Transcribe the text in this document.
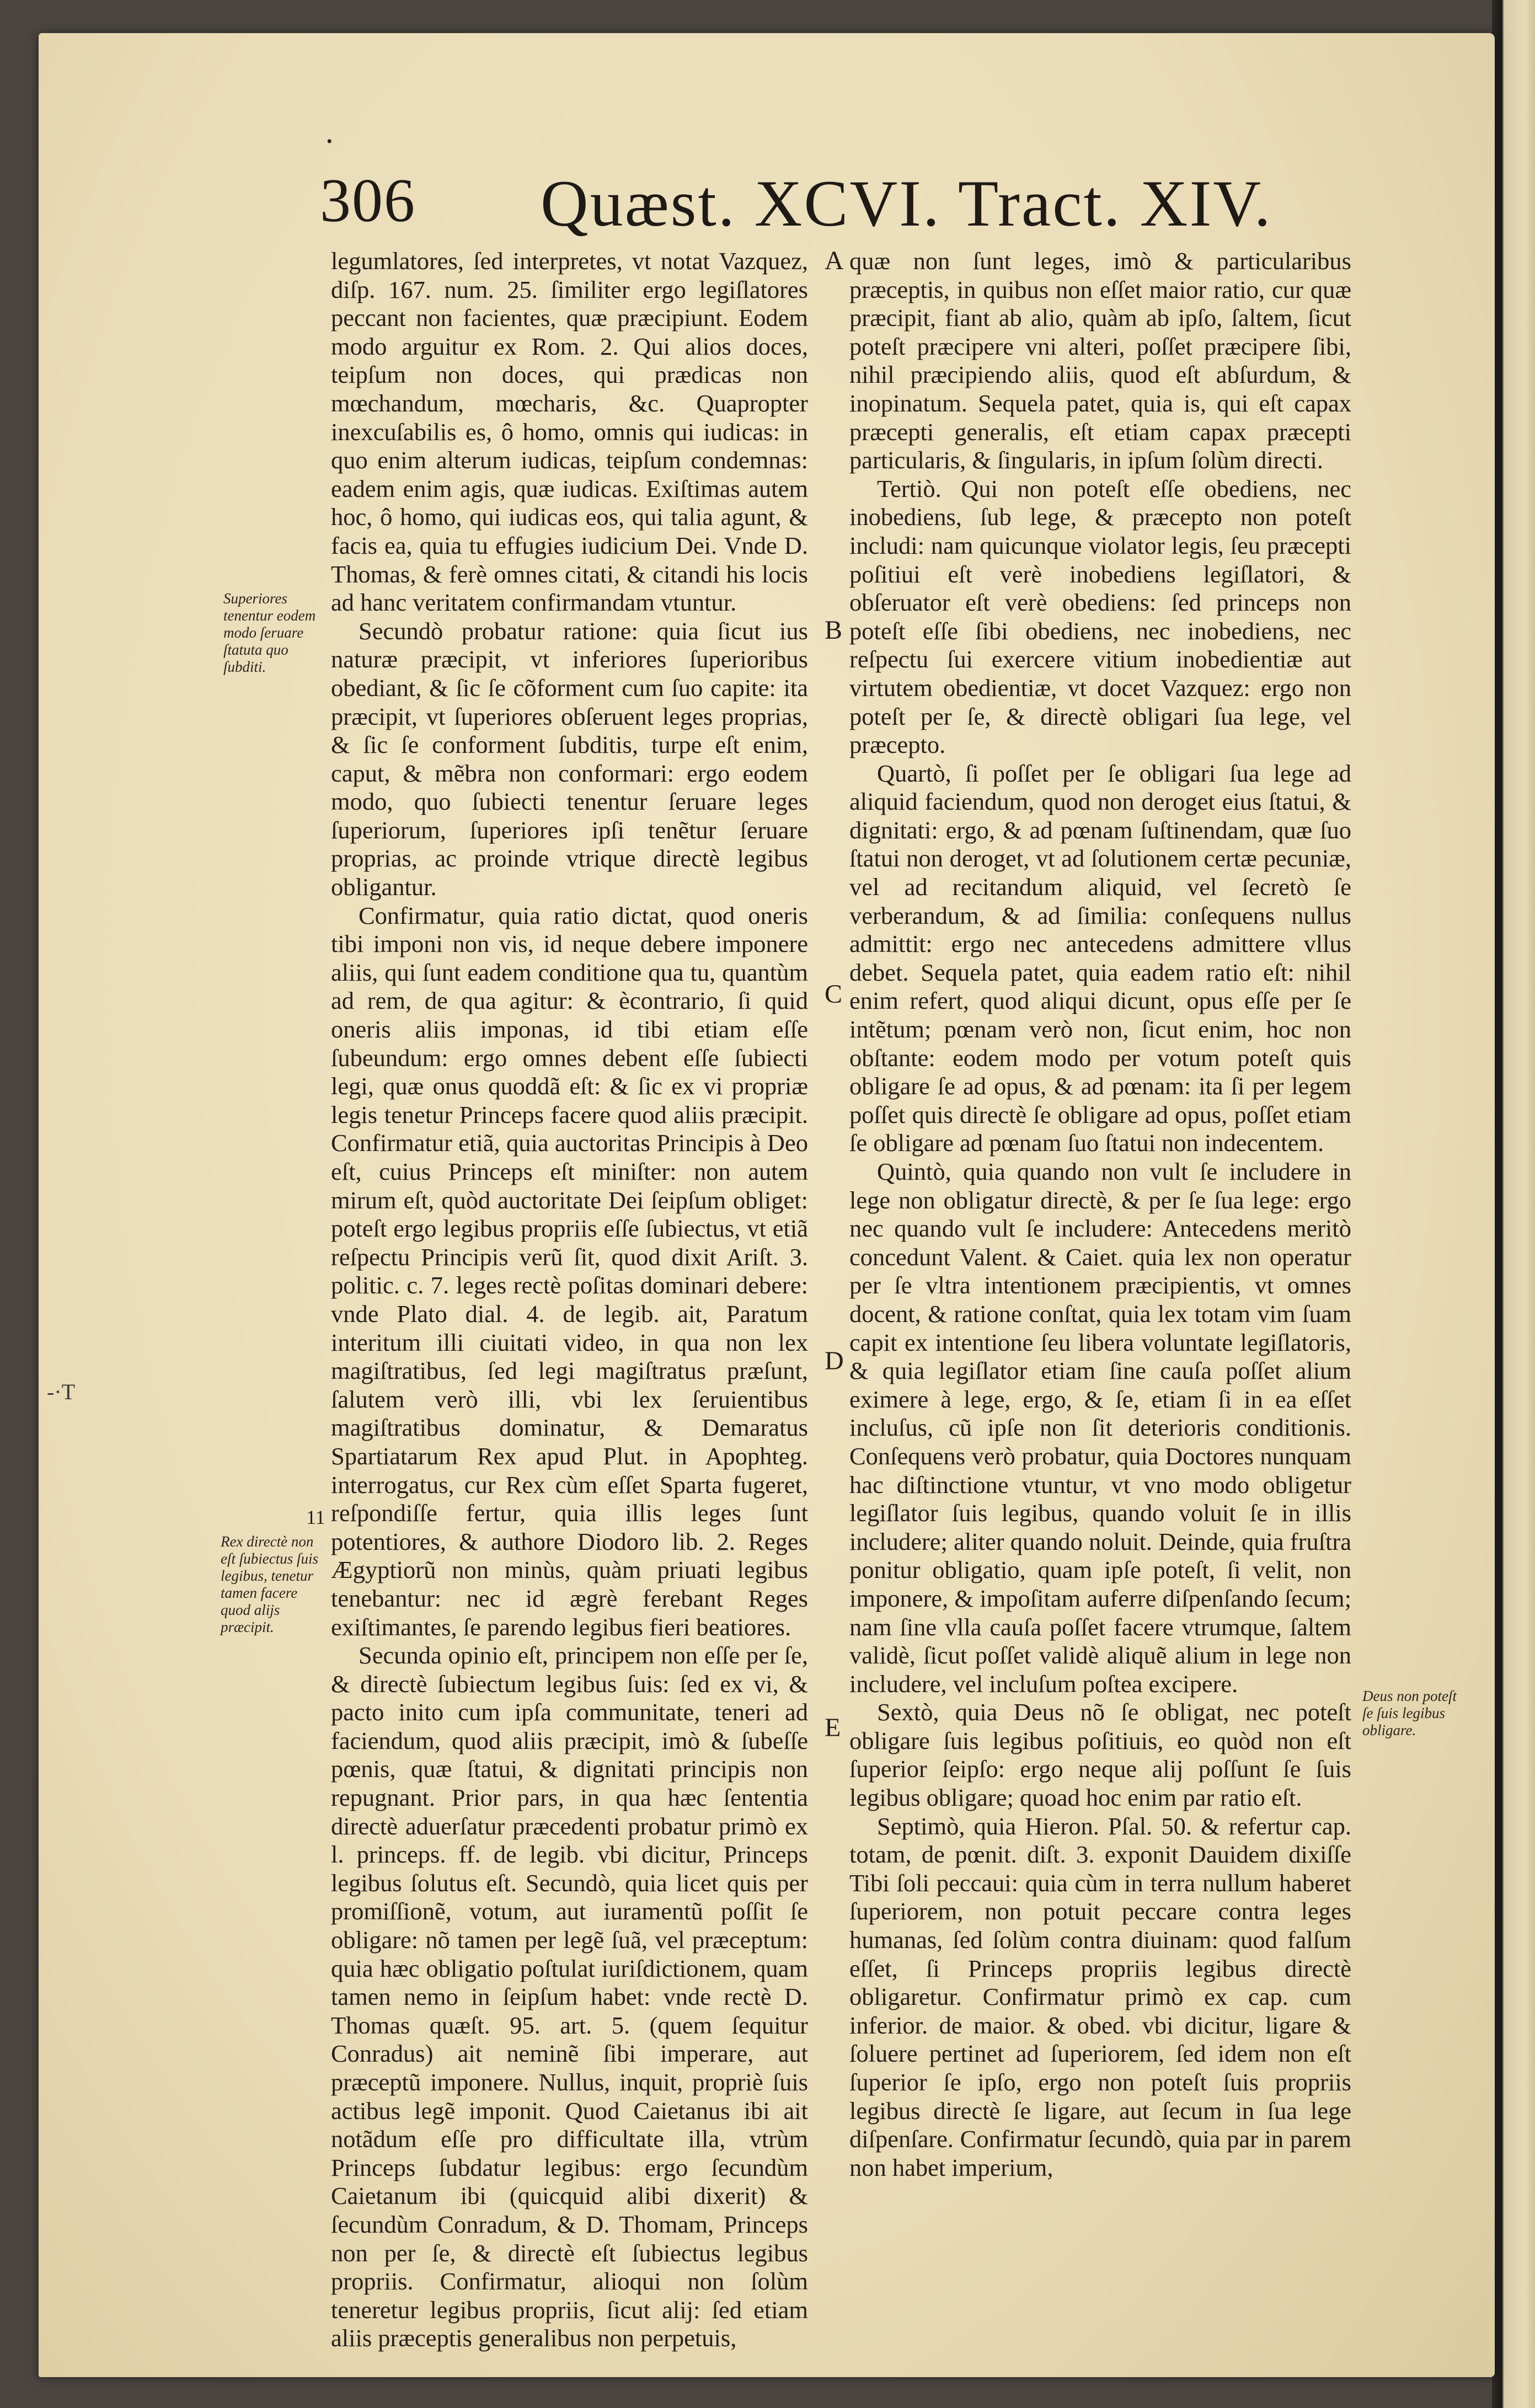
•
306 Quæst. XCVI. Tract. XIV.

legumlatores, ſed interpretes, vt notat Vazquez, diſp. 167. num. 25. ſimiliter ergo legiſlatores peccant non facientes, quæ præcipiunt. Eodem modo arguitur ex Rom. 2. Qui alios doces, teipſum non doces, qui prædicas non mœchandum, mœcharis, &c. Quapropter inexcuſabilis es, ô homo, omnis qui iudicas: in quo enim alterum iudicas, teipſum condemnas: eadem enim agis, quæ iudicas. Exiſtimas autem hoc, ô homo, qui iudicas eos, qui talia agunt, & facis ea, quia tu effugies iudicium Dei. Vnde D. Thomas, & ferè omnes citati, & citandi his locis ad hanc veritatem confirmandam vtuntur.

Secundò probatur ratione: quia ſicut ius naturæ præcipit, vt inferiores ſuperioribus obediant, & ſic ſe cõforment cum ſuo capite: ita præcipit, vt ſuperiores obſeruent leges proprias, & ſic ſe conforment ſubditis, turpe eſt enim, caput, & mẽbra non conformari: ergo eodem modo, quo ſubiecti tenentur ſeruare leges ſuperiorum, ſuperiores ipſi tenẽtur ſeruare proprias, ac proinde vtrique directè legibus obligantur.

Confirmatur, quia ratio dictat, quod oneris tibi imponi non vis, id neque debere imponere aliis, qui ſunt eadem conditione qua tu, quantùm ad rem, de qua agitur: & ècontrario, ſi quid oneris aliis imponas, id tibi etiam eſſe ſubeundum: ergo omnes debent eſſe ſubiecti legi, quæ onus quoddã eſt: & ſic ex vi propriæ legis tenetur Princeps facere quod aliis præcipit. Confirmatur etiã, quia auctoritas Principis à Deo eſt, cuius Princeps eſt miniſter: non autem mirum eſt, quòd auctoritate Dei ſeipſum obliget: poteſt ergo legibus propriis eſſe ſubiectus, vt etiã reſpectu Principis verũ ſit, quod dixit Ariſt. 3. politic. c. 7. leges rectè poſitas dominari debere: vnde Plato dial. 4. de legib. ait, Paratum interitum illi ciuitati video, in qua non lex magiſtratibus, ſed legi magiſtratus præſunt, ſalutem verò illi, vbi lex ſeruientibus magiſtratibus dominatur, & Demaratus Spartiatarum Rex apud Plut. in Apophteg. interrogatus, cur Rex cùm eſſet Sparta fugeret, reſpondiſſe fertur, quia illis leges ſunt potentiores, & authore Diodoro lib. 2. Reges Ægyptiorũ non minùs, quàm priuati legibus tenebantur: nec id ægrè ferebant Reges exiſtimantes, ſe parendo legibus fieri beatiores.

Secunda opinio eſt, principem non eſſe per ſe, & directè ſubiectum legibus ſuis: ſed ex vi, & pacto inito cum ipſa communitate, teneri ad faciendum, quod aliis præcipit, imò & ſubeſſe pœnis, quæ ſtatui, & dignitati principis non repugnant. Prior pars, in qua hæc ſententia directè aduerſatur præcedenti probatur primò ex l. princeps. ff. de legib. vbi dicitur, Princeps legibus ſolutus eſt. Secundò, quia licet quis per promiſſionẽ, votum, aut iuramentũ poſſit ſe obligare: nõ tamen per legẽ ſuã, vel præceptum: quia hæc obligatio poſtulat iuriſdictionem, quam tamen nemo in ſeipſum habet: vnde rectè D. Thomas quæſt. 95. art. 5. (quem ſequitur Conradus) ait neminẽ ſibi imperare, aut præceptũ imponere. Nullus, inquit, propriè ſuis actibus legẽ imponit. Quod Caietanus ibi ait notãdum eſſe pro difficultate illa, vtrùm Princeps ſubdatur legibus: ergo ſecundùm Caietanum ibi (quicquid alibi dixerit) & ſecundùm Conradum, & D. Thomam, Princeps non per ſe, & directè eſt ſubiectus legibus propriis. Confirmatur, alioqui non ſolùm teneretur legibus propriis, ſicut alij: ſed etiam aliis præceptis generalibus non perpetuis,

quæ non ſunt leges, imò & particularibus præceptis, in quibus non eſſet maior ratio, cur quæ præcipit, fiant ab alio, quàm ab ipſo, ſaltem, ſicut poteſt præcipere vni alteri, poſſet præcipere ſibi, nihil præcipiendo aliis, quod eſt abſurdum, & inopinatum. Sequela patet, quia is, qui eſt capax præcepti generalis, eſt etiam capax præcepti particularis, & ſingularis, in ipſum ſolùm directi.

Tertiò. Qui non poteſt eſſe obediens, nec inobediens, ſub lege, & præcepto non poteſt includi: nam quicunque violator legis, ſeu præcepti poſitiui eſt verè inobediens legiſlatori, & obſeruator eſt verè obediens: ſed princeps non poteſt eſſe ſibi obediens, nec inobediens, nec reſpectu ſui exercere vitium inobedientiæ aut virtutem obedientiæ, vt docet Vazquez: ergo non poteſt per ſe, & directè obligari ſua lege, vel præcepto.

Quartò, ſi poſſet per ſe obligari ſua lege ad aliquid faciendum, quod non deroget eius ſtatui, & dignitati: ergo, & ad pœnam ſuſtinendam, quæ ſuo ſtatui non deroget, vt ad ſolutionem certæ pecuniæ, vel ad recitandum aliquid, vel ſecretò ſe verberandum, & ad ſimilia: conſequens nullus admittit: ergo nec antecedens admittere vllus debet. Sequela patet, quia eadem ratio eſt: nihil enim refert, quod aliqui dicunt, opus eſſe per ſe intẽtum; pœnam verò non, ſicut enim, hoc non obſtante: eodem modo per votum poteſt quis obligare ſe ad opus, & ad pœnam: ita ſi per legem poſſet quis directè ſe obligare ad opus, poſſet etiam ſe obligare ad pœnam ſuo ſtatui non indecentem.

Quintò, quia quando non vult ſe includere in lege non obligatur directè, & per ſe ſua lege: ergo nec quando vult ſe includere: Antecedens meritò concedunt Valent. & Caiet. quia lex non operatur per ſe vltra intentionem præcipientis, vt omnes docent, & ratione conſtat, quia lex totam vim ſuam capit ex intentione ſeu libera voluntate legiſlatoris, & quia legiſlator etiam ſine cauſa poſſet alium eximere à lege, ergo, & ſe, etiam ſi in ea eſſet incluſus, cũ ipſe non ſit deterioris conditionis. Conſequens verò probatur, quia Doctores nunquam hac diſtinctione vtuntur, vt vno modo obligetur legiſlator ſuis legibus, quando voluit ſe in illis includere; aliter quando noluit. Deinde, quia fruſtra ponitur obligatio, quam ipſe poteſt, ſi velit, non imponere, & impoſitam auferre diſpenſando ſecum; nam ſine vlla cauſa poſſet facere vtrumque, ſaltem validè, ſicut poſſet validè aliquẽ alium in lege non includere, vel incluſum poſtea excipere.

Sextò, quia Deus nõ ſe obligat, nec poteſt obligare ſuis legibus poſitiuis, eo quòd non eſt ſuperior ſeipſo: ergo neque alij poſſunt ſe ſuis legibus obligare; quoad hoc enim par ratio eſt.

Septimò, quia Hieron. Pſal. 50. & refertur cap. totam, de pœnit. diſt. 3. exponit Dauidem dixiſſe Tibi ſoli peccaui: quia cùm in terra nullum haberet ſuperiorem, non potuit peccare contra leges humanas, ſed ſolùm contra diuinam: quod falſum eſſet, ſi Princeps propriis legibus directè obligaretur. Confirmatur primò ex cap. cum inferior. de maior. & obed. vbi dicitur, ligare & ſoluere pertinet ad ſuperiorem, ſed idem non eſt ſuperior ſe ipſo, ergo non poteſt ſuis propriis legibus directè ſe ligare, aut ſecum in ſua lege diſpenſare. Confirmatur ſecundò, quia par in parem non habet imperium,

Superiores tenentur eodem modo ſeruare ſtatuta quo ſubditi.
Rex directè non eſt ſubiectus ſuis legibus, tenetur tamen facere quod alijs præcipit.
Deus non poteſt ſe ſuis legibus obligare.
A
B
C
D
E
11
-·T
